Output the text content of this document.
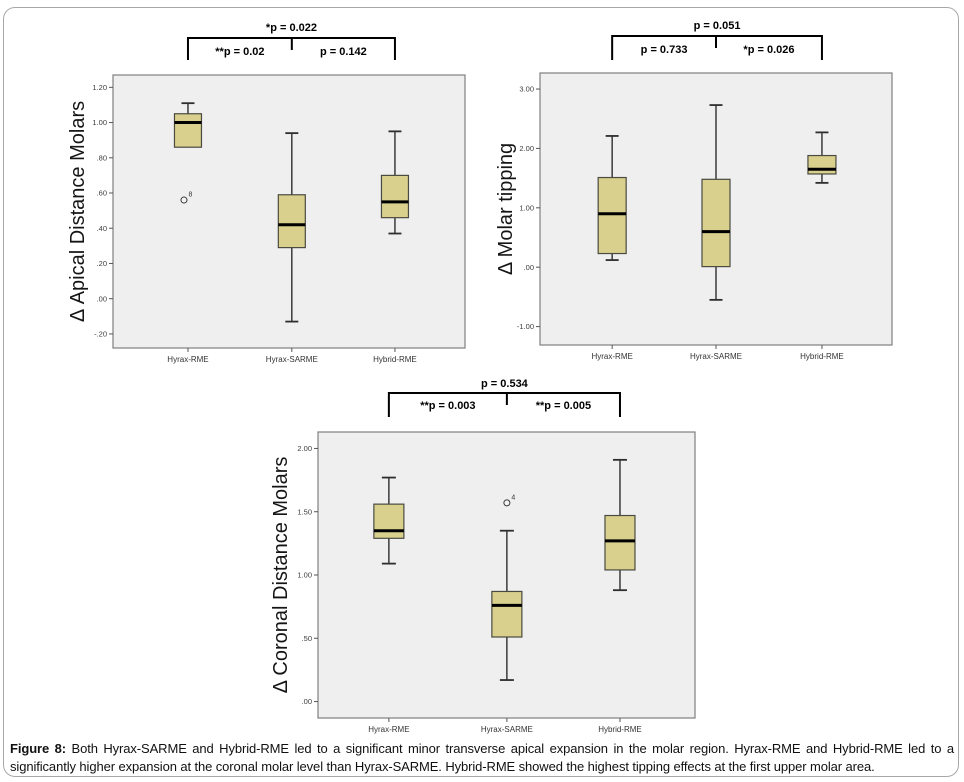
1.20
1.00
.80
.60
.40
.20
.00
-.20
Hyrax-RME	Hyrax-SARME	Hybrid-RME
8
*p = 0.022
**p = 0.02	p = 0.142
Δ Apical Distance Molars
3.00
2.00
1.00
.00
-1.00
Hyrax-RME	Hyrax-SARME	Hybrid-RME
p = 0.051
p = 0.733	*p = 0.026
Δ Molar tipping
2.00
1.50
1.00
.50
.00
Hyrax-RME	Hyrax-SARME	Hybrid-RME
4
p = 0.534
**p = 0.003	**p = 0.005
Δ Coronal Distance Molars
Figure 8: Both Hyrax-SARME and Hybrid-RME led to a significant minor transverse apical expansion in the molar region. Hyrax-RME and Hybrid-RME led to a significantly higher expansion at the coronal molar level than Hyrax-SARME. Hybrid-RME showed the highest tipping effects at the first upper molar area.
